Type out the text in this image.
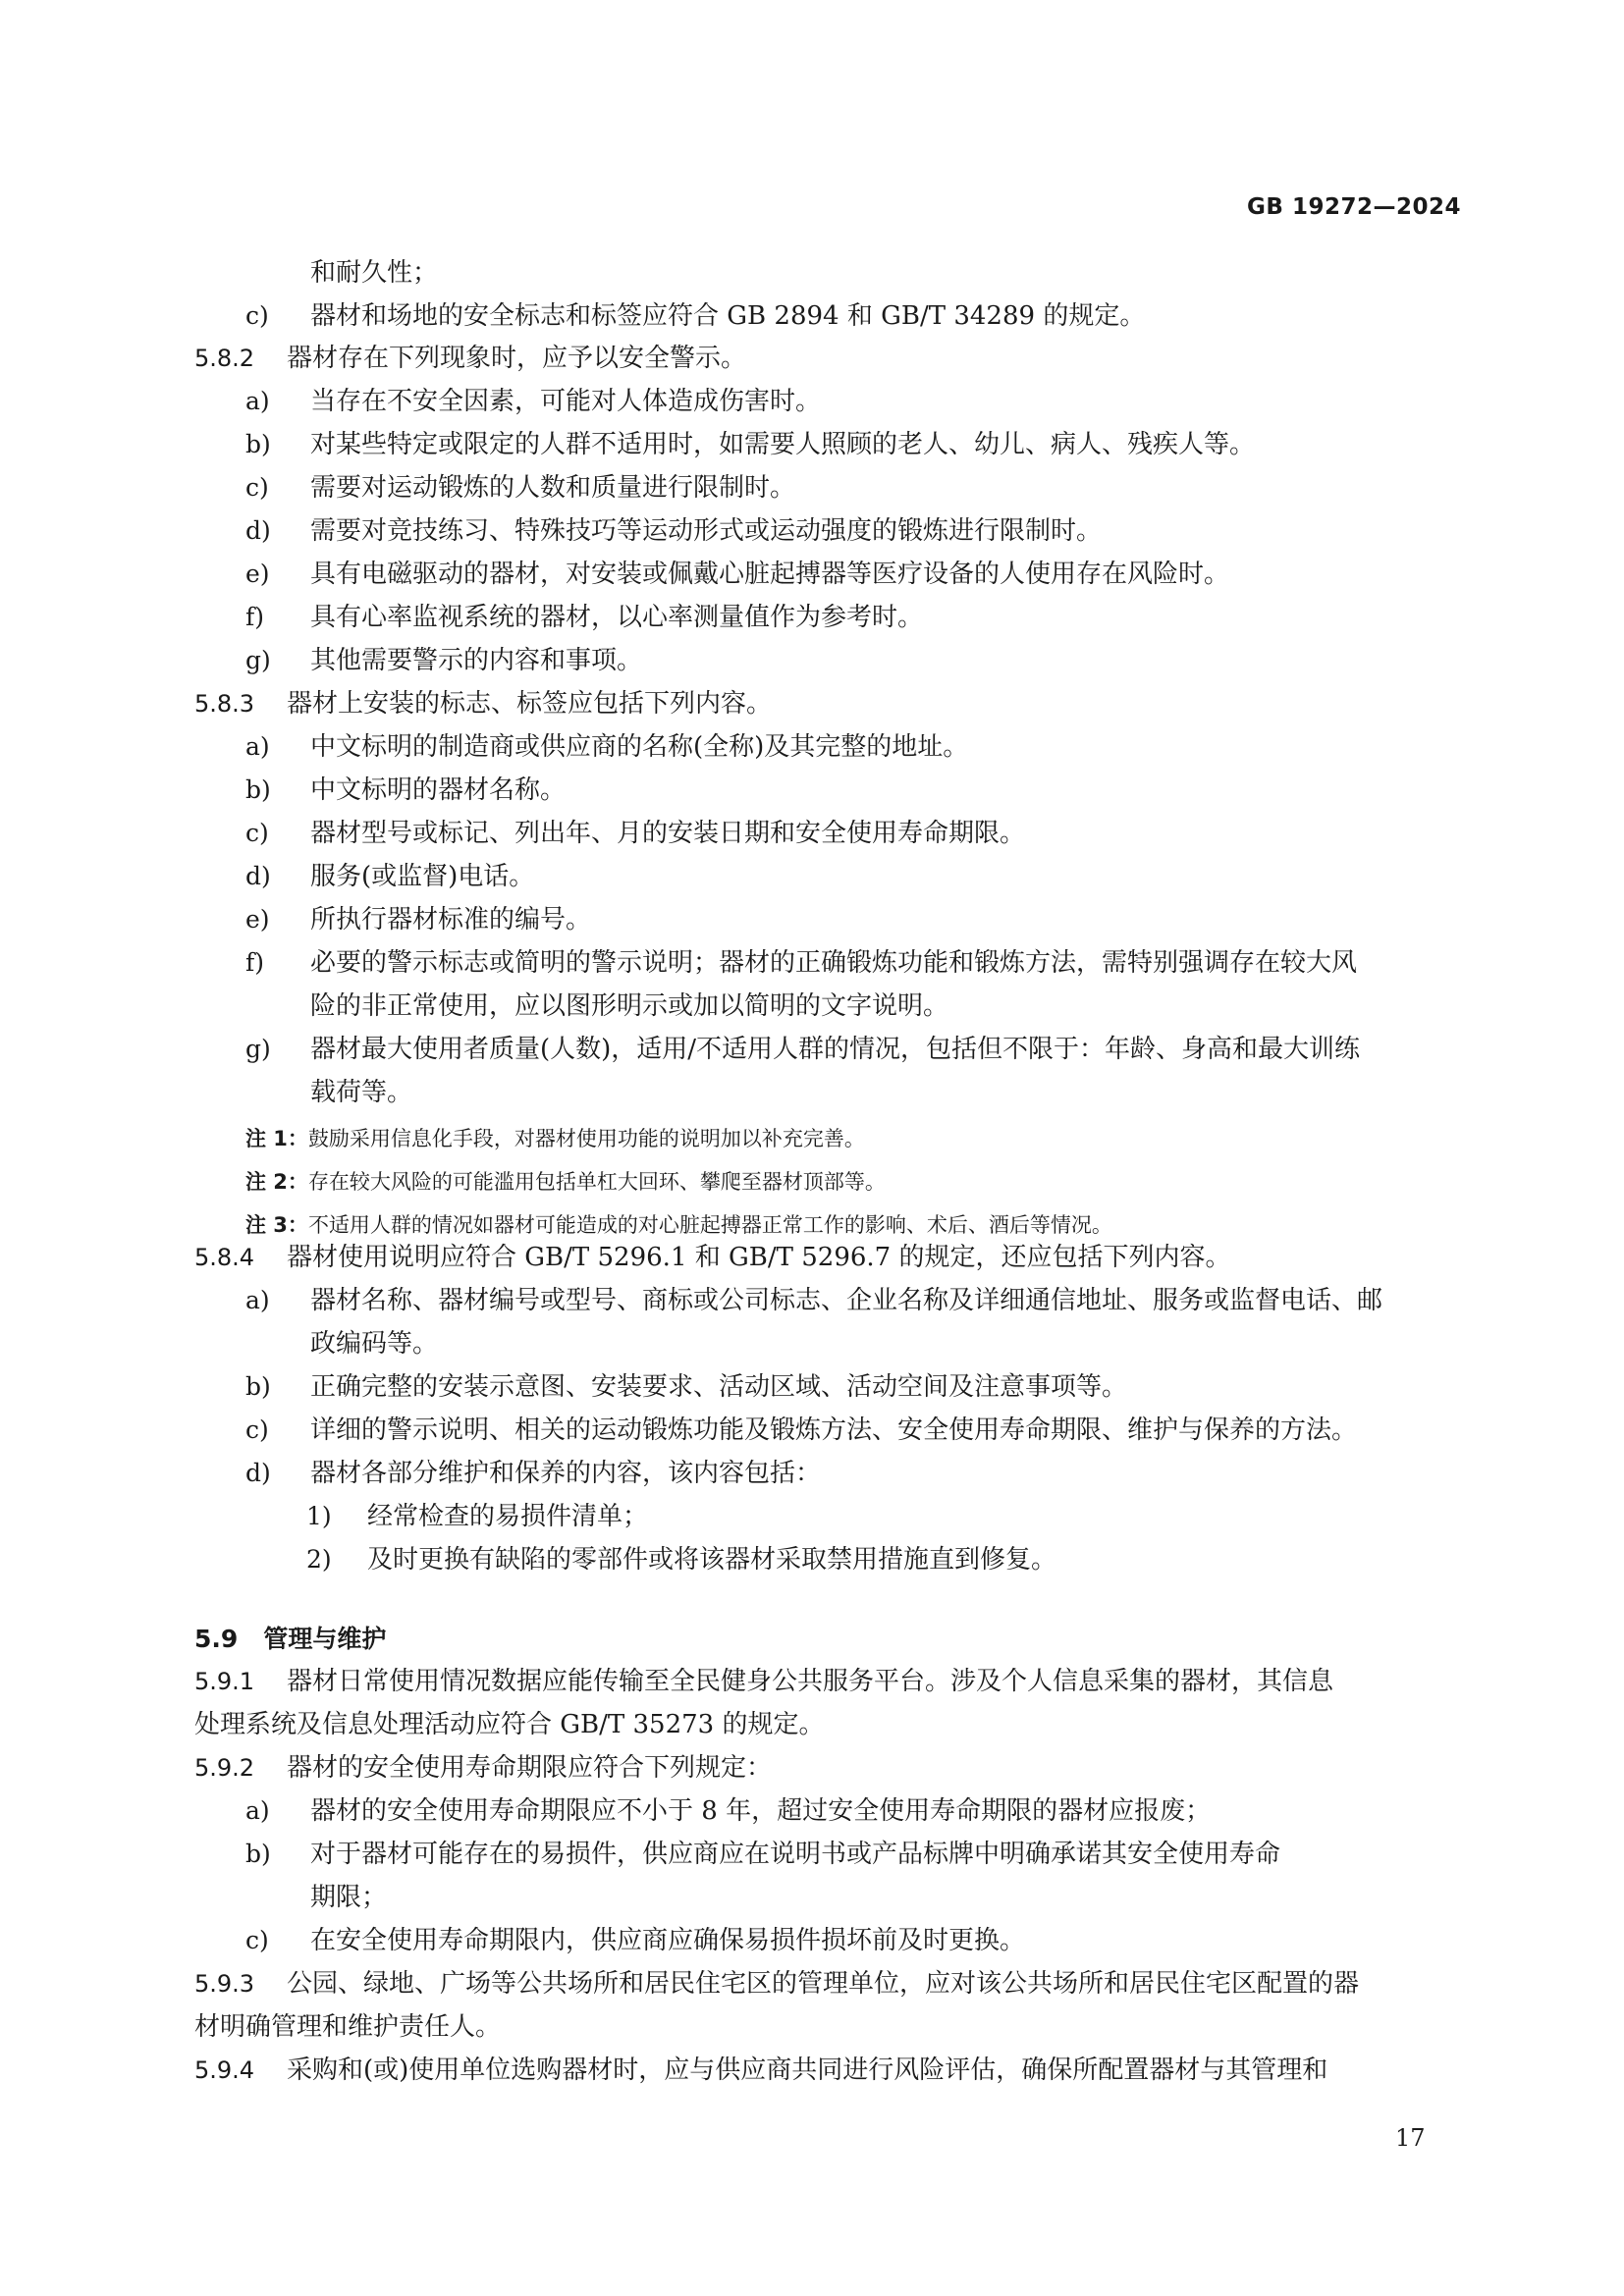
GB 19272—2024
和耐久性；
c) 器材和场地的安全标志和标签应符合 GB 2894 和 GB/T 34289 的规定。
5.8.2 器材存在下列现象时，应予以安全警示。
a) 当存在不安全因素，可能对人体造成伤害时。
b) 对某些特定或限定的人群不适用时，如需要人照顾的老人、幼儿、病人、残疾人等。
c) 需要对运动锻炼的人数和质量进行限制时。
d) 需要对竞技练习、特殊技巧等运动形式或运动强度的锻炼进行限制时。
e) 具有电磁驱动的器材，对安装或佩戴心脏起搏器等医疗设备的人使用存在风险时。
f) 具有心率监视系统的器材，以心率测量值作为参考时。
g) 其他需要警示的内容和事项。
5.8.3 器材上安装的标志、标签应包括下列内容。
a) 中文标明的制造商或供应商的名称(全称)及其完整的地址。
b) 中文标明的器材名称。
c) 器材型号或标记、列出年、月的安装日期和安全使用寿命期限。
d) 服务(或监督)电话。
e) 所执行器材标准的编号。
f) 必要的警示标志或简明的警示说明；器材的正确锻炼功能和锻炼方法，需特别强调存在较大风
险的非正常使用，应以图形明示或加以简明的文字说明。
g) 器材最大使用者质量(人数)，适用/不适用人群的情况，包括但不限于：年龄、身高和最大训练
载荷等。
5.8.4 器材使用说明应符合 GB/T 5296.1 和 GB/T 5296.7 的规定，还应包括下列内容。
a) 器材名称、器材编号或型号、商标或公司标志、企业名称及详细通信地址、服务或监督电话、邮
政编码等。
b) 正确完整的安装示意图、安装要求、活动区域、活动空间及注意事项等。
c) 详细的警示说明、相关的运动锻炼功能及锻炼方法、安全使用寿命期限、维护与保养的方法。
d) 器材各部分维护和保养的内容，该内容包括：
1) 经常检查的易损件清单；
2) 及时更换有缺陷的零部件或将该器材采取禁用措施直到修复。
5.9.1 器材日常使用情况数据应能传输至全民健身公共服务平台。涉及个人信息采集的器材，其信息
处理系统及信息处理活动应符合 GB/T 35273 的规定。
5.9.2 器材的安全使用寿命期限应符合下列规定：
a) 器材的安全使用寿命期限应不小于 8 年，超过安全使用寿命期限的器材应报废；
b) 对于器材可能存在的易损件，供应商应在说明书或产品标牌中明确承诺其安全使用寿命
期限；
c) 在安全使用寿命期限内，供应商应确保易损件损坏前及时更换。
5.9.3 公园、绿地、广场等公共场所和居民住宅区的管理单位，应对该公共场所和居民住宅区配置的器
材明确管理和维护责任人。
5.9.4 采购和(或)使用单位选购器材时，应与供应商共同进行风险评估，确保所配置器材与其管理和
注 1：鼓励采用信息化手段，对器材使用功能的说明加以补充完善。
注 2：存在较大风险的可能滥用包括单杠大回环、攀爬至器材顶部等。
注 3：不适用人群的情况如器材可能造成的对心脏起搏器正常工作的影响、术后、酒后等情况。
5.9 管理与维护
17
